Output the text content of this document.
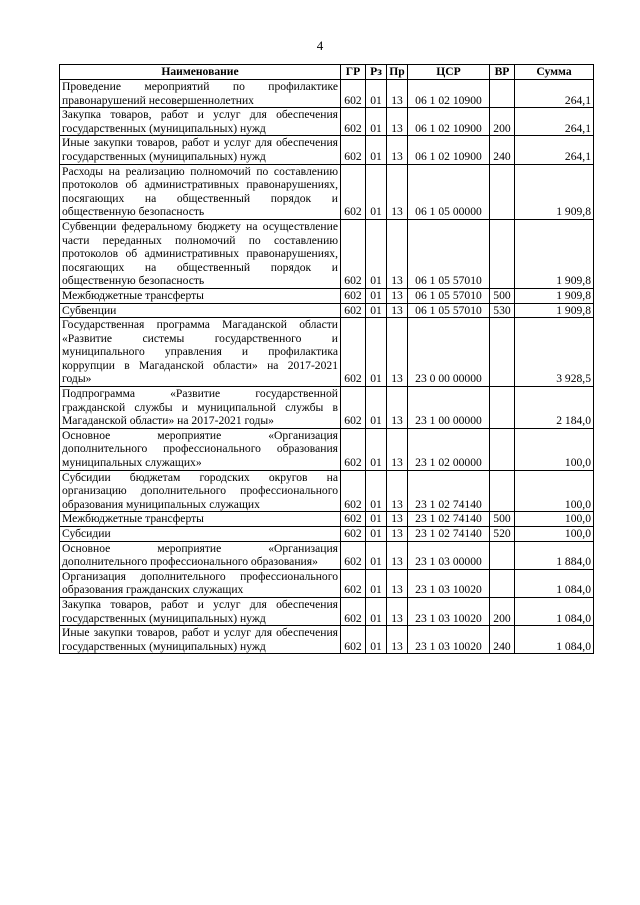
4
Наименование	ГР	Рз	Пр	ЦСР	ВР	Сумма
Проведение мероприятий по профилактике правонарушений несовершеннолетних	602	01	13	06 1 02 10900		264,1
Закупка товаров, работ и услуг для обеспечения государственных (муниципальных) нужд	602	01	13	06 1 02 10900	200	264,1
Иные закупки товаров, работ и услуг для обеспечения государственных (муниципальных) нужд	602	01	13	06 1 02 10900	240	264,1
Расходы на реализацию полномочий по составлению протоколов об административных правонарушениях, посягающих на общественный порядок и общественную безопасность	602	01	13	06 1 05 00000		1 909,8
Субвенции федеральному бюджету на осуществление части переданных полномочий по составлению протоколов об административных правонарушениях, посягающих на общественный порядок и общественную безопасность	602	01	13	06 1 05 57010		1 909,8
Межбюджетные трансферты	602	01	13	06 1 05 57010	500	1 909,8
Субвенции	602	01	13	06 1 05 57010	530	1 909,8
Государственная программа Магаданской области «Развитие системы государственного и муниципального управления и профилактика коррупции в Магаданской области» на 2017-2021 годы»	602	01	13	23 0 00 00000		3 928,5
Подпрограмма «Развитие государственной гражданской службы и муниципальной службы в Магаданской области» на 2017-2021 годы»	602	01	13	23 1 00 00000		2 184,0
Основное мероприятие «Организация дополнительного профессионального образования муниципальных служащих»	602	01	13	23 1 02 00000		100,0
Субсидии бюджетам городских округов на организацию дополнительного профессионального образования муниципальных служащих	602	01	13	23 1 02 74140		100,0
Межбюджетные трансферты	602	01	13	23 1 02 74140	500	100,0
Субсидии	602	01	13	23 1 02 74140	520	100,0
Основное мероприятие «Организация дополнительного профессионального образования»	602	01	13	23 1 03 00000		1 884,0
Организация дополнительного профессионального образования гражданских служащих	602	01	13	23 1 03 10020		1 084,0
Закупка товаров, работ и услуг для обеспечения государственных (муниципальных) нужд	602	01	13	23 1 03 10020	200	1 084,0
Иные закупки товаров, работ и услуг для обеспечения государственных (муниципальных) нужд	602	01	13	23 1 03 10020	240	1 084,0
